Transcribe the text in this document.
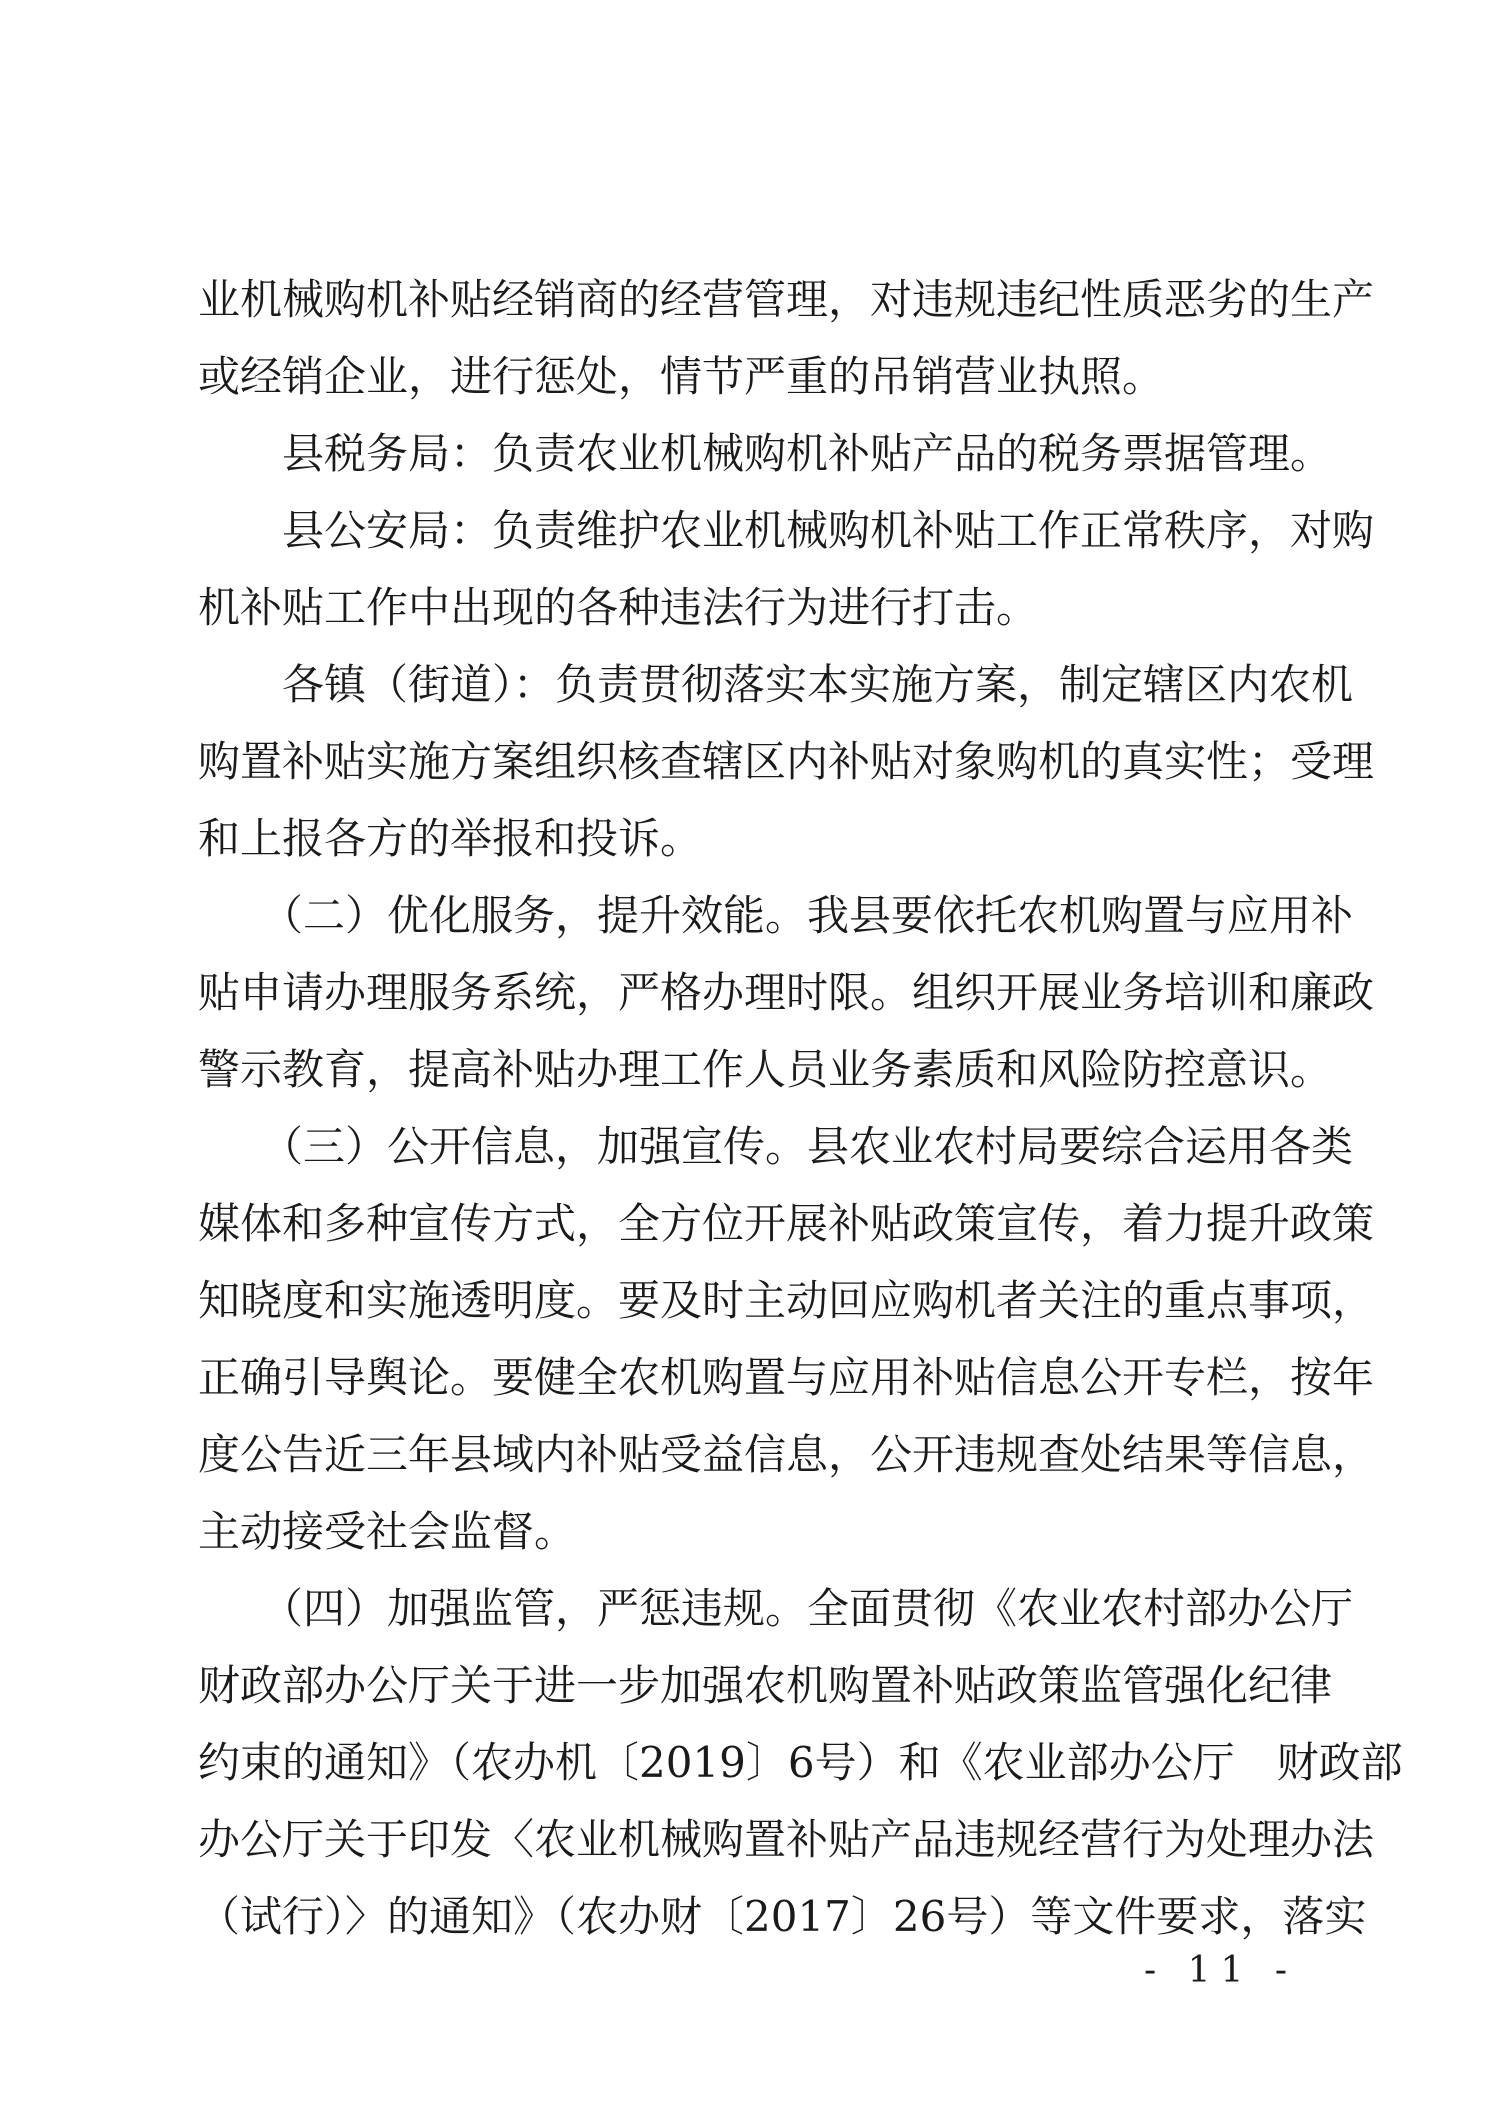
业机械购机补贴经销商的经营管理，对违规违纪性质恶劣的生产
或经销企业，进行惩处，情节严重的吊销营业执照。
　　县税务局：负责农业机械购机补贴产品的税务票据管理。
　　县公安局：负责维护农业机械购机补贴工作正常秩序，对购
机补贴工作中出现的各种违法行为进行打击。
　　各镇（街道）：负责贯彻落实本实施方案，制定辖区内农机
购置补贴实施方案组织核查辖区内补贴对象购机的真实性；受理
和上报各方的举报和投诉。
　　（二）优化服务，提升效能。我县要依托农机购置与应用补
贴申请办理服务系统，严格办理时限。组织开展业务培训和廉政
警示教育，提高补贴办理工作人员业务素质和风险防控意识。
　　（三）公开信息，加强宣传。县农业农村局要综合运用各类
媒体和多种宣传方式，全方位开展补贴政策宣传，着力提升政策
知晓度和实施透明度。要及时主动回应购机者关注的重点事项，
正确引导舆论。要健全农机购置与应用补贴信息公开专栏，按年
度公告近三年县域内补贴受益信息，公开违规查处结果等信息，
主动接受社会监督。
　　（四）加强监管，严惩违规。全面贯彻《农业农村部办公厅
财政部办公厅关于进一步加强农机购置补贴政策监管强化纪律
约束的通知》（农办机〔2019〕6号）和《农业部办公厅　财政部
办公厅关于印发〈农业机械购置补贴产品违规经营行为处理办法
（试行）〉的通知》（农办财〔2017〕26号）等文件要求，落实
- 11 -
